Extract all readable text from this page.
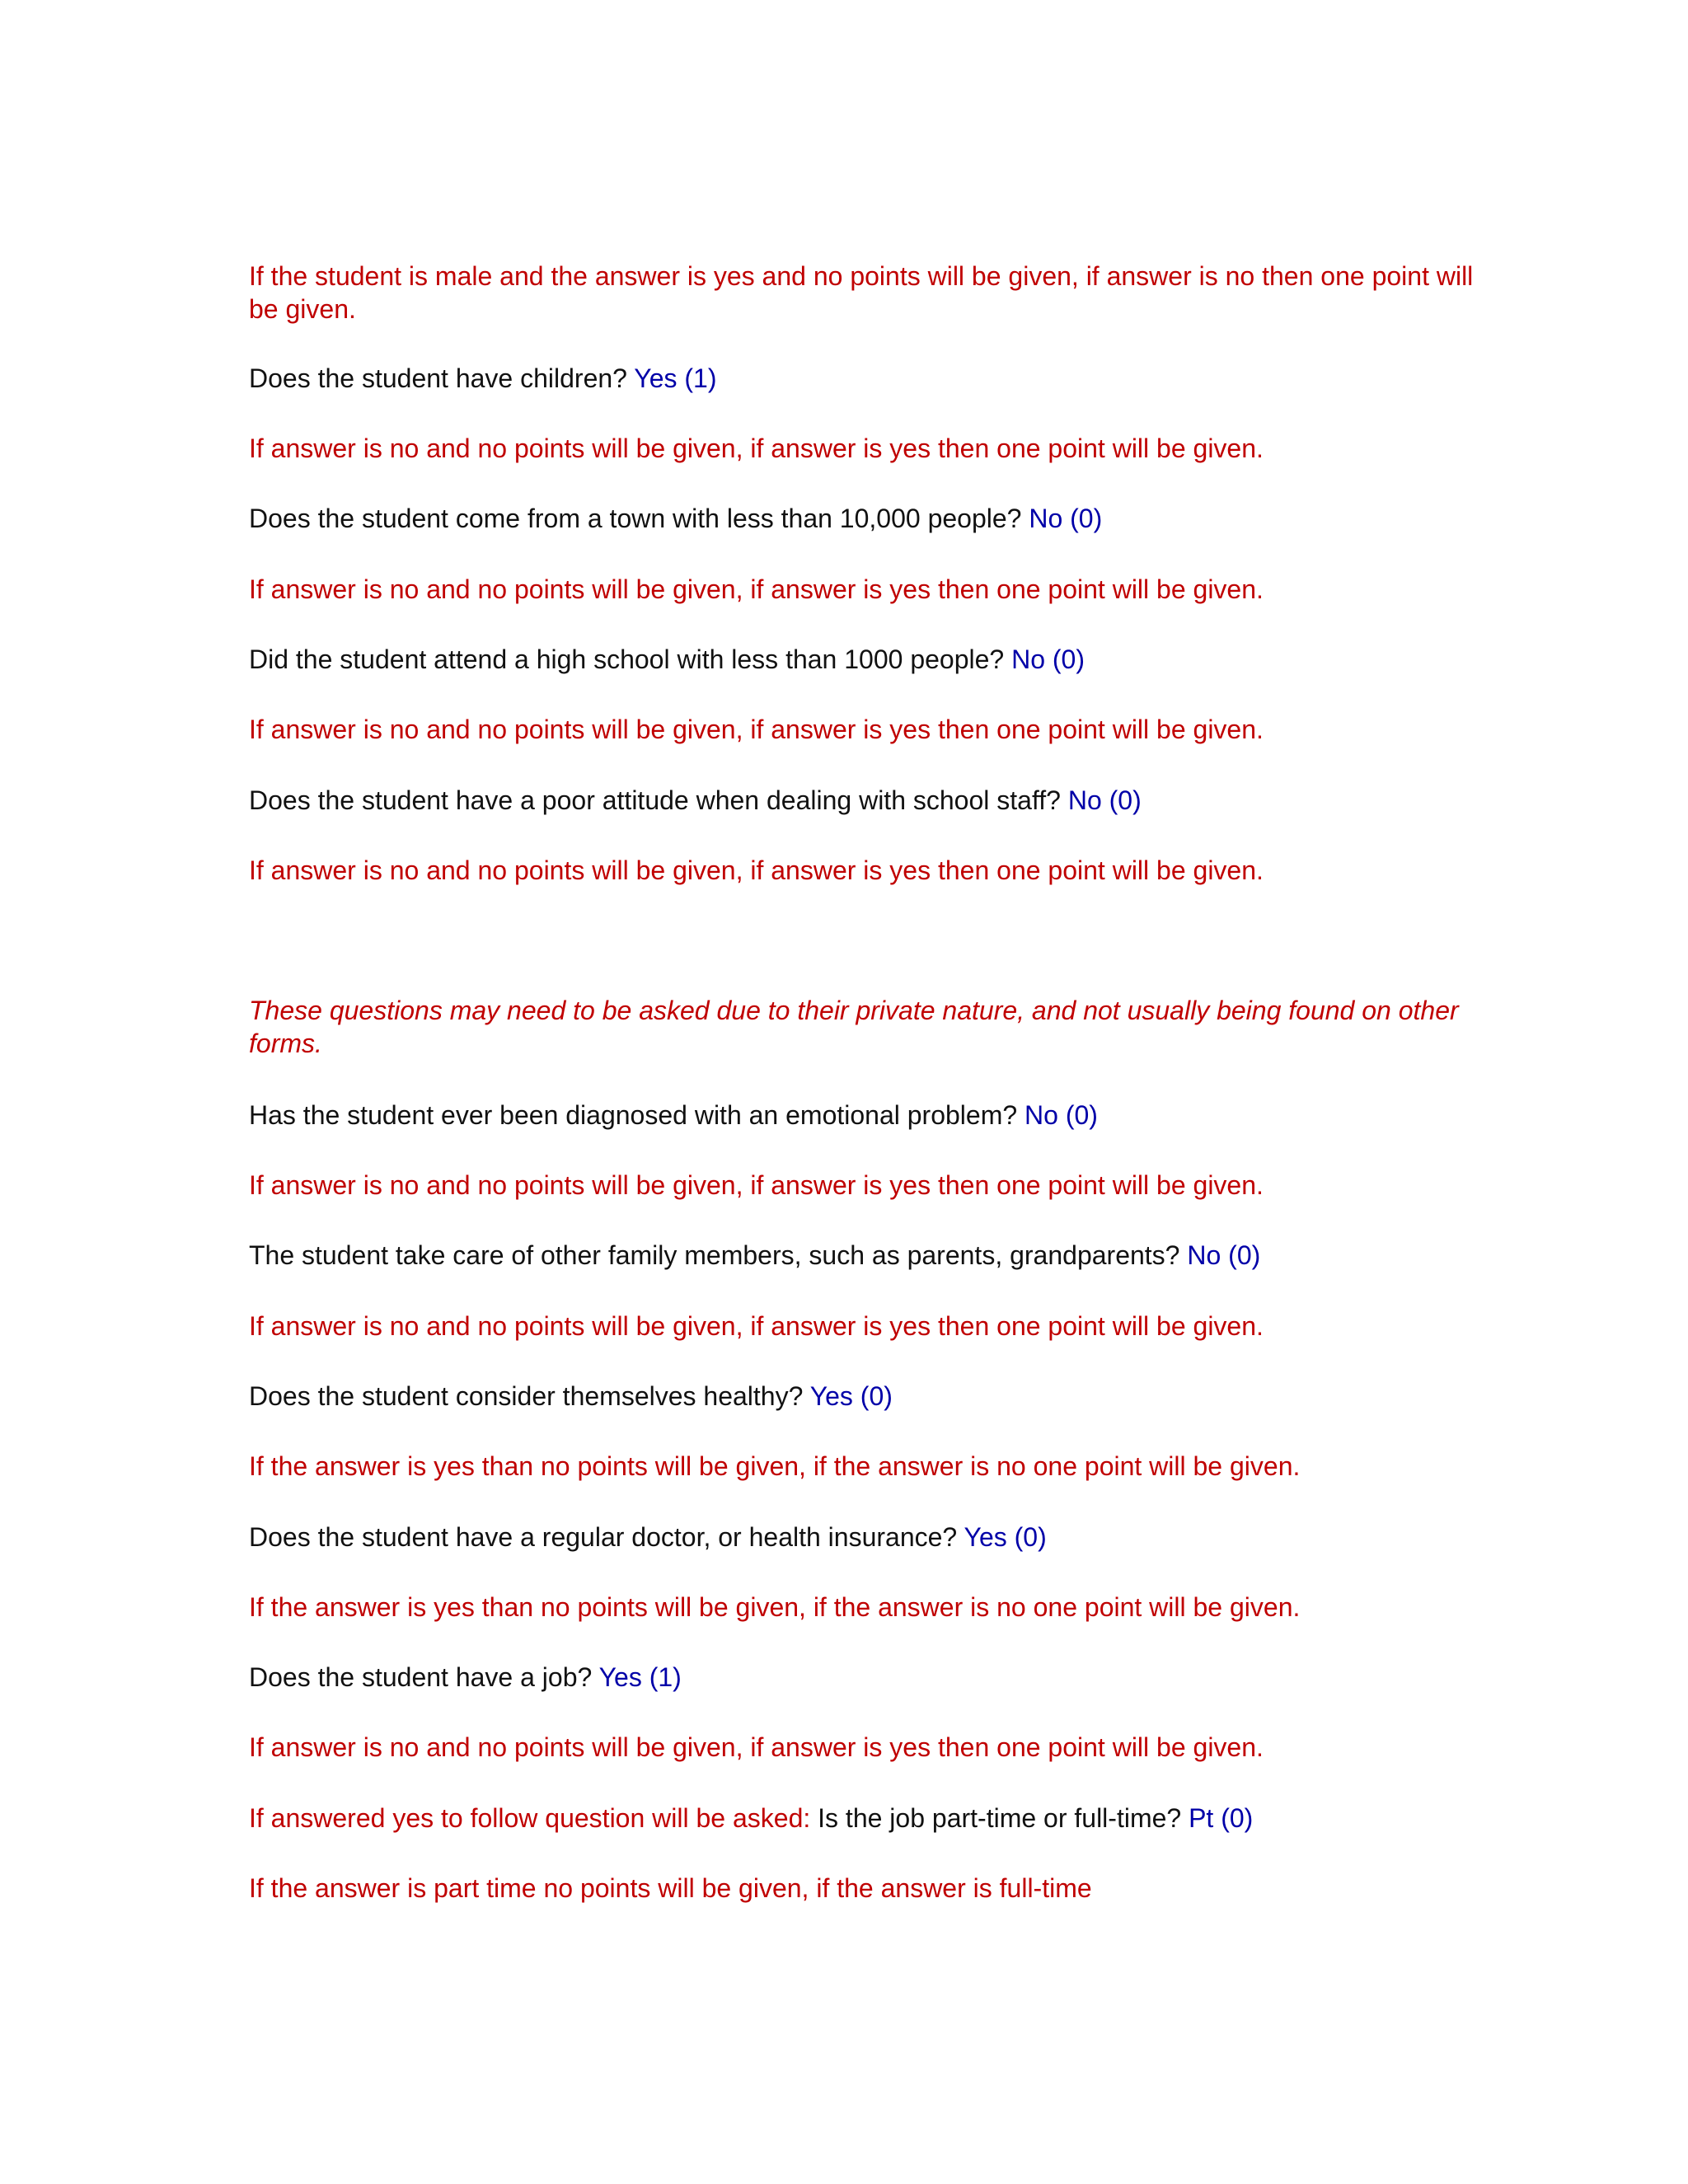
If the student is male and the answer is yes and no points will be given, if answer is no then one point will be given.
Does the student have children? Yes (1)
If answer is no and no points will be given, if answer is yes then one point will be given.
Does the student come from a town with less than 10,000 people? No (0)
If answer is no and no points will be given, if answer is yes then one point will be given.
Did the student attend a high school with less than 1000 people? No (0)
If answer is no and no points will be given, if answer is yes then one point will be given.
Does the student have a poor attitude when dealing with school staff? No (0)
If answer is no and no points will be given, if answer is yes then one point will be given.
These questions may need to be asked due to their private nature, and not usually being found on other forms.
Has the student ever been diagnosed with an emotional problem? No (0)
If answer is no and no points will be given, if answer is yes then one point will be given.
The student take care of other family members, such as parents, grandparents? No (0)
If answer is no and no points will be given, if answer is yes then one point will be given.
Does the student consider themselves healthy? Yes (0)
If the answer is yes than no points will be given, if the answer is no one point will be given.
Does the student have a regular doctor, or health insurance? Yes (0)
If the answer is yes than no points will be given, if the answer is no one point will be given.
Does the student have a job? Yes (1)
If answer is no and no points will be given, if answer is yes then one point will be given.
If answered yes to follow question will be asked: Is the job part-time or full-time? Pt (0)
If the answer is part time no points will be given, if the answer is full-time
